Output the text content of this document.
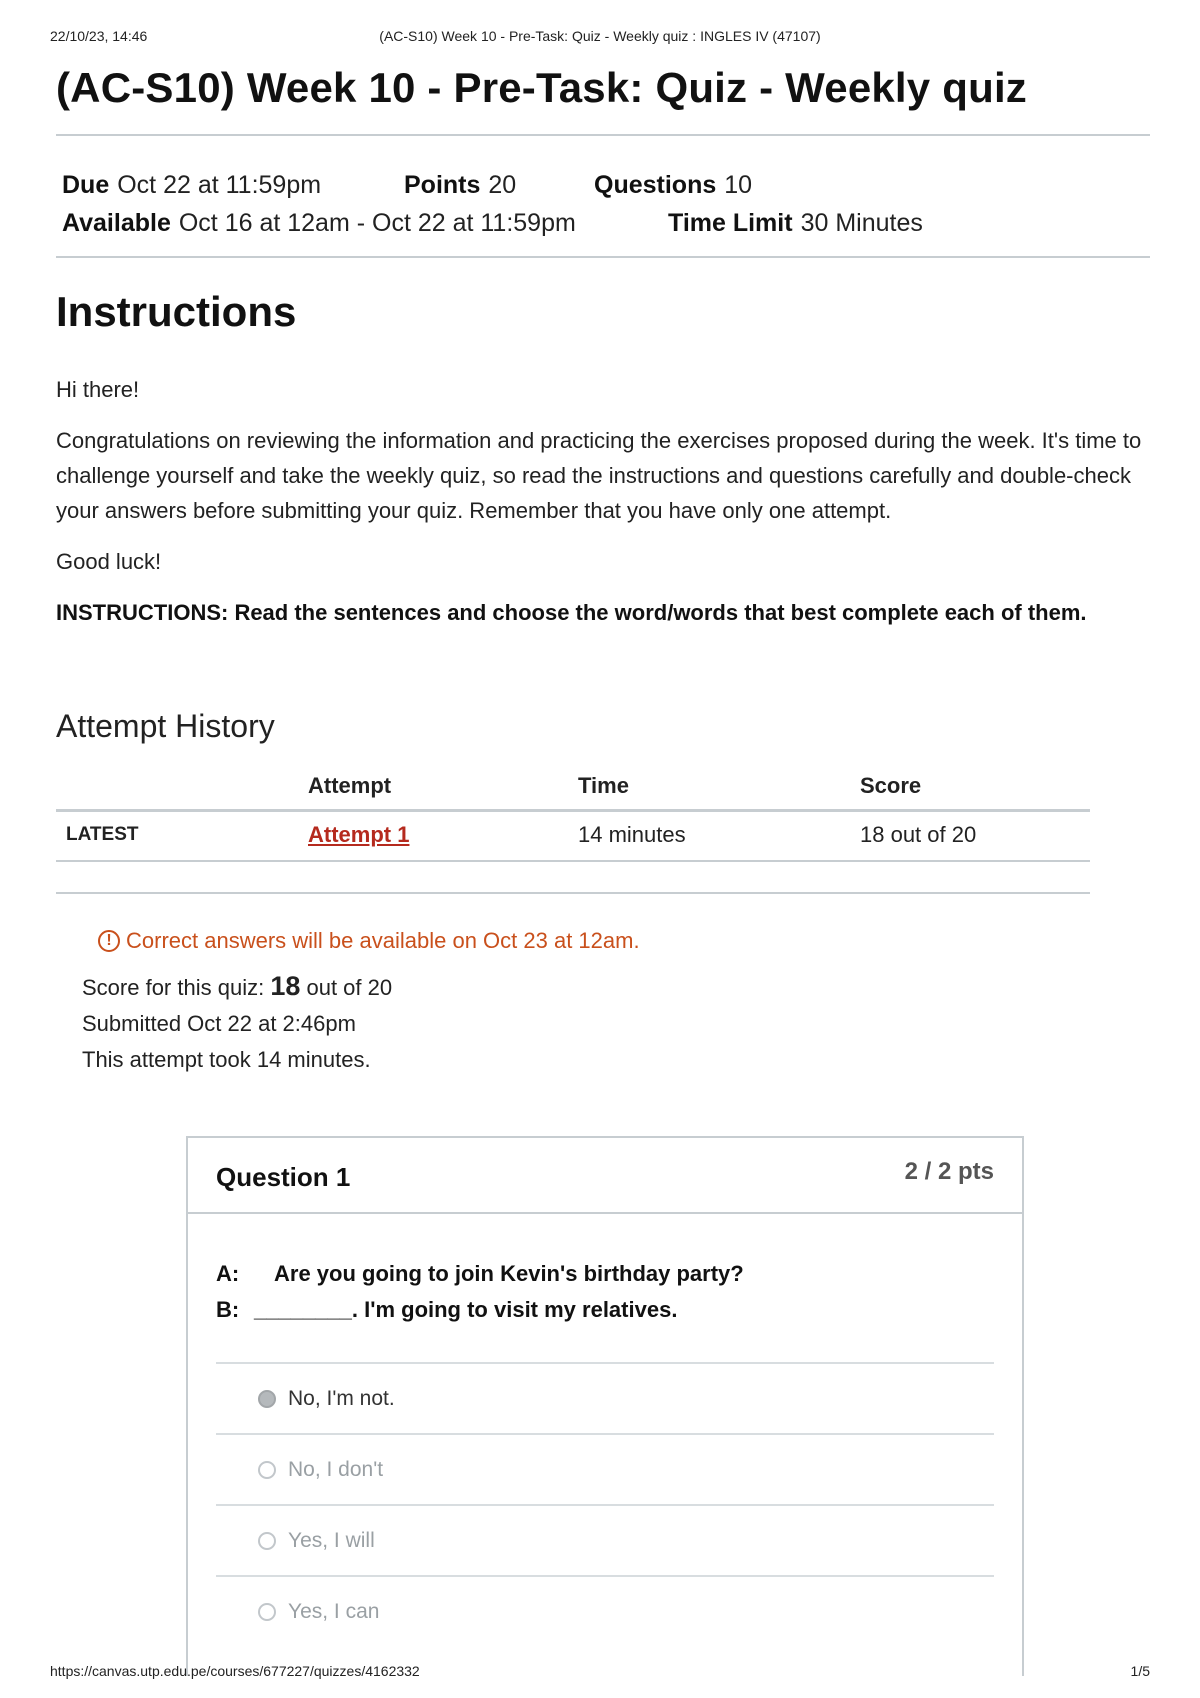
22/10/23, 14:46	(AC-S10) Week 10 - Pre-Task: Quiz - Weekly quiz : INGLES IV (47107)
(AC-S10) Week 10 - Pre-Task: Quiz - Weekly quiz
Due Oct 22 at 11:59pm	Points 20	Questions 10
Available Oct 16 at 12am - Oct 22 at 11:59pm	Time Limit 30 Minutes
Instructions

Hi there!

Congratulations on reviewing the information and practicing the exercises proposed during the week. It's time to challenge yourself and take the weekly quiz, so read the instructions and questions carefully and double-check your answers before submitting your quiz. Remember that you have only one attempt.

Good luck!

INSTRUCTIONS: Read the sentences and choose the word/words that best complete each of them.

Attempt History
	Attempt	Time	Score
LATEST	Attempt 1	14 minutes	18 out of 20
! Correct answers will be available on Oct 23 at 12am.
Score for this quiz: 18 out of 20
Submitted Oct 22 at 2:46pm
This attempt took 14 minutes.
Question 1	2 / 2 pts
A: Are you going to join Kevin's birthday party?
B: ________. I'm going to visit my relatives.
No, I'm not.
No, I don't
Yes, I will
Yes, I can
https://canvas.utp.edu.pe/courses/677227/quizzes/4162332	1/5
